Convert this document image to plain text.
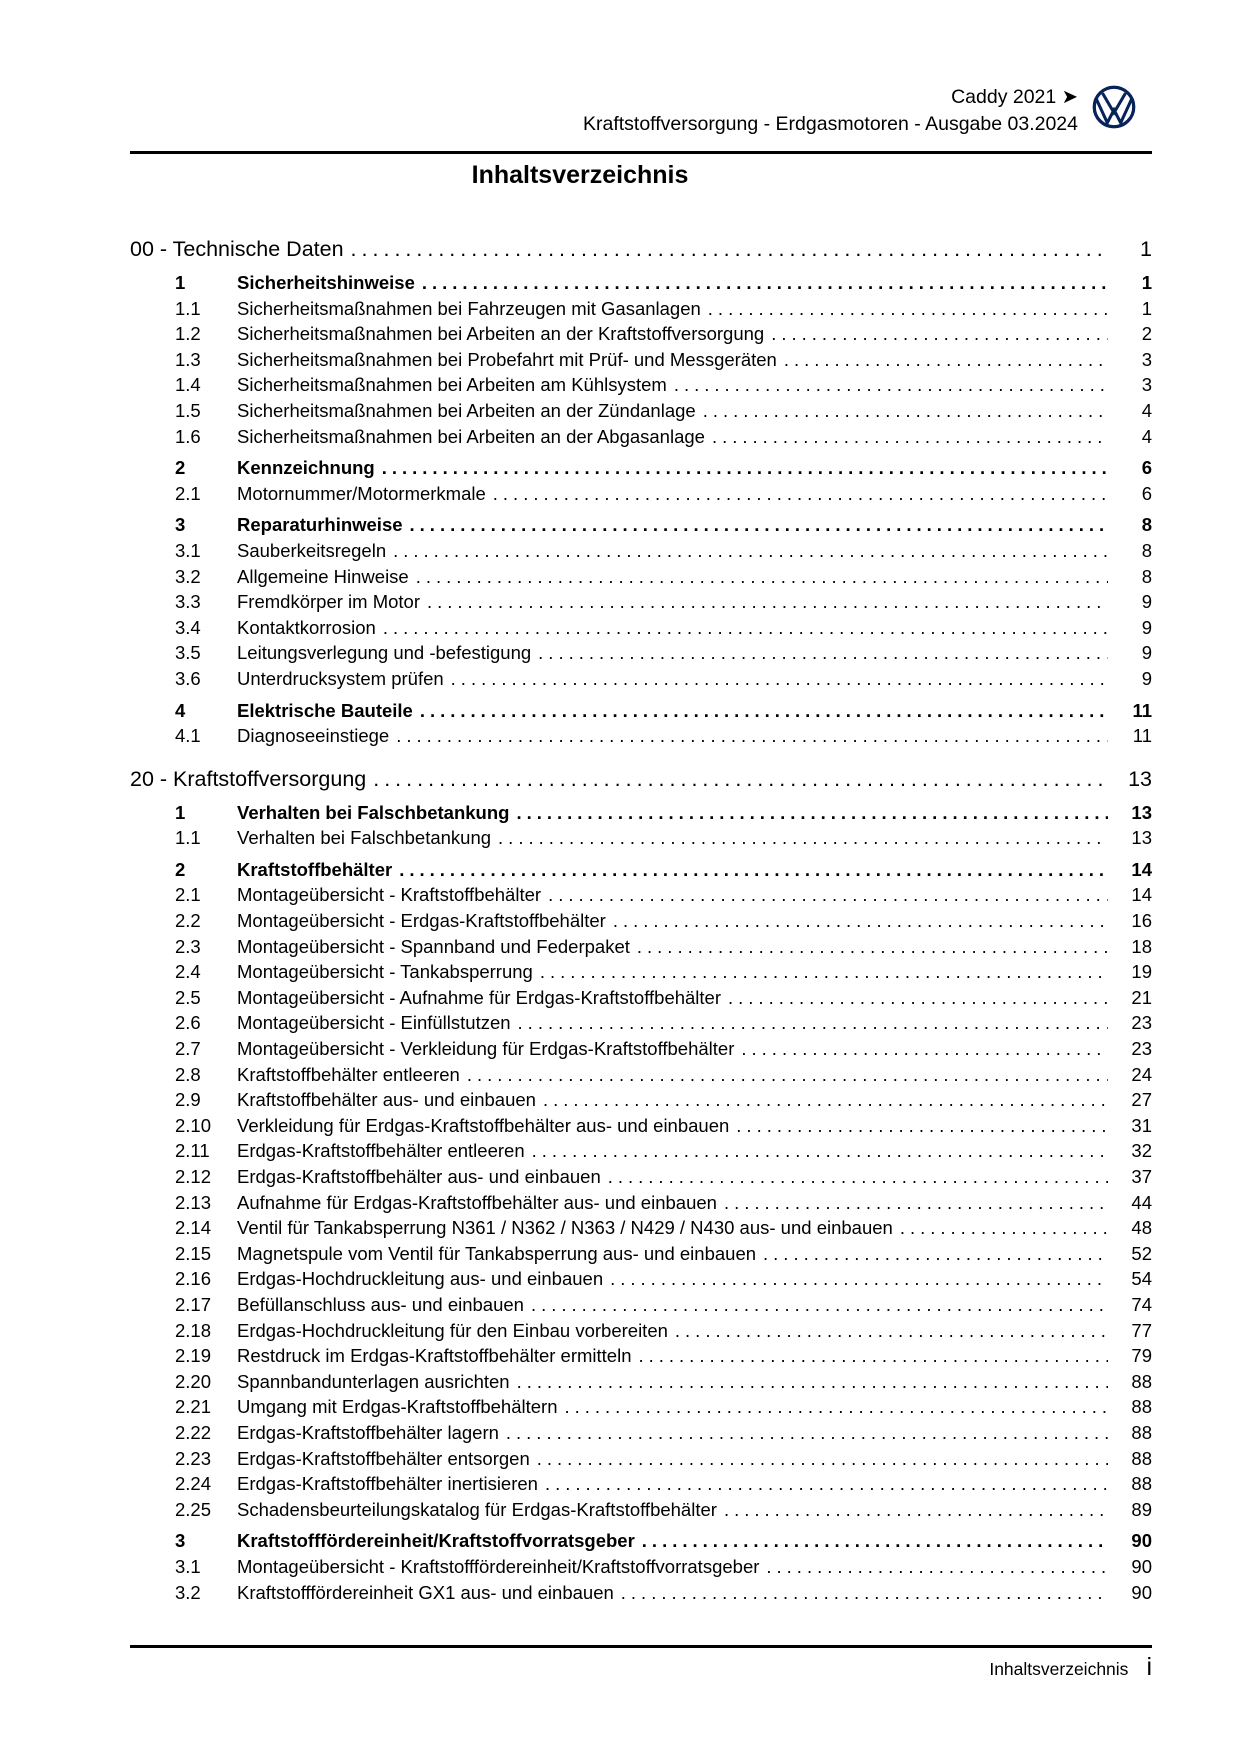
Caddy 2021 ➤
Kraftstoffversorgung - Erdgasmotoren - Ausgabe 03.2024
Inhaltsverzeichnis
00 - Technische Daten .....	1
1	Sicherheitshinweise .....	1
1.1	Sicherheitsmaßnahmen bei Fahrzeugen mit Gasanlagen .....	1
1.2	Sicherheitsmaßnahmen bei Arbeiten an der Kraftstoffversorgung .....	2
1.3	Sicherheitsmaßnahmen bei Probefahrt mit Prüf- und Messgeräten .....	3
1.4	Sicherheitsmaßnahmen bei Arbeiten am Kühlsystem .....	3
1.5	Sicherheitsmaßnahmen bei Arbeiten an der Zündanlage .....	4
1.6	Sicherheitsmaßnahmen bei Arbeiten an der Abgasanlage .....	4
2	Kennzeichnung .....	6
2.1	Motornummer/Motormerkmale .....	6
3	Reparaturhinweise .....	8
3.1	Sauberkeitsregeln .....	8
3.2	Allgemeine Hinweise .....	8
3.3	Fremdkörper im Motor .....	9
3.4	Kontaktkorrosion .....	9
3.5	Leitungsverlegung und -befestigung .....	9
3.6	Unterdrucksystem prüfen .....	9
4	Elektrische Bauteile .....	11
4.1	Diagnoseeinstiege .....	11
20 - Kraftstoffversorgung .....	13
1	Verhalten bei Falschbetankung .....	13
1.1	Verhalten bei Falschbetankung .....	13
2	Kraftstoffbehälter .....	14
2.1	Montageübersicht - Kraftstoffbehälter .....	14
2.2	Montageübersicht - Erdgas-Kraftstoffbehälter .....	16
2.3	Montageübersicht - Spannband und Federpaket .....	18
2.4	Montageübersicht - Tankabsperrung .....	19
2.5	Montageübersicht - Aufnahme für Erdgas-Kraftstoffbehälter .....	21
2.6	Montageübersicht - Einfüllstutzen .....	23
2.7	Montageübersicht - Verkleidung für Erdgas-Kraftstoffbehälter .....	23
2.8	Kraftstoffbehälter entleeren .....	24
2.9	Kraftstoffbehälter aus- und einbauen .....	27
2.10	Verkleidung für Erdgas-Kraftstoffbehälter aus- und einbauen .....	31
2.11	Erdgas-Kraftstoffbehälter entleeren .....	32
2.12	Erdgas-Kraftstoffbehälter aus- und einbauen .....	37
2.13	Aufnahme für Erdgas-Kraftstoffbehälter aus- und einbauen .....	44
2.14	Ventil für Tankabsperrung N361 / N362 / N363 / N429 / N430 aus- und einbauen .....	48
2.15	Magnetspule vom Ventil für Tankabsperrung aus- und einbauen .....	52
2.16	Erdgas-Hochdruckleitung aus- und einbauen .....	54
2.17	Befüllanschluss aus- und einbauen .....	74
2.18	Erdgas-Hochdruckleitung für den Einbau vorbereiten .....	77
2.19	Restdruck im Erdgas-Kraftstoffbehälter ermitteln .....	79
2.20	Spannbandunterlagen ausrichten .....	88
2.21	Umgang mit Erdgas-Kraftstoffbehältern .....	88
2.22	Erdgas-Kraftstoffbehälter lagern .....	88
2.23	Erdgas-Kraftstoffbehälter entsorgen .....	88
2.24	Erdgas-Kraftstoffbehälter inertisieren .....	88
2.25	Schadensbeurteilungskatalog für Erdgas-Kraftstoffbehälter .....	89
3	Kraftstofffördereinheit/Kraftstoffvorratsgeber .....	90
3.1	Montageübersicht - Kraftstofffördereinheit/Kraftstoffvorratsgeber .....	90
3.2	Kraftstofffördereinheit GX1 aus- und einbauen .....	90
Inhaltsverzeichnis i
